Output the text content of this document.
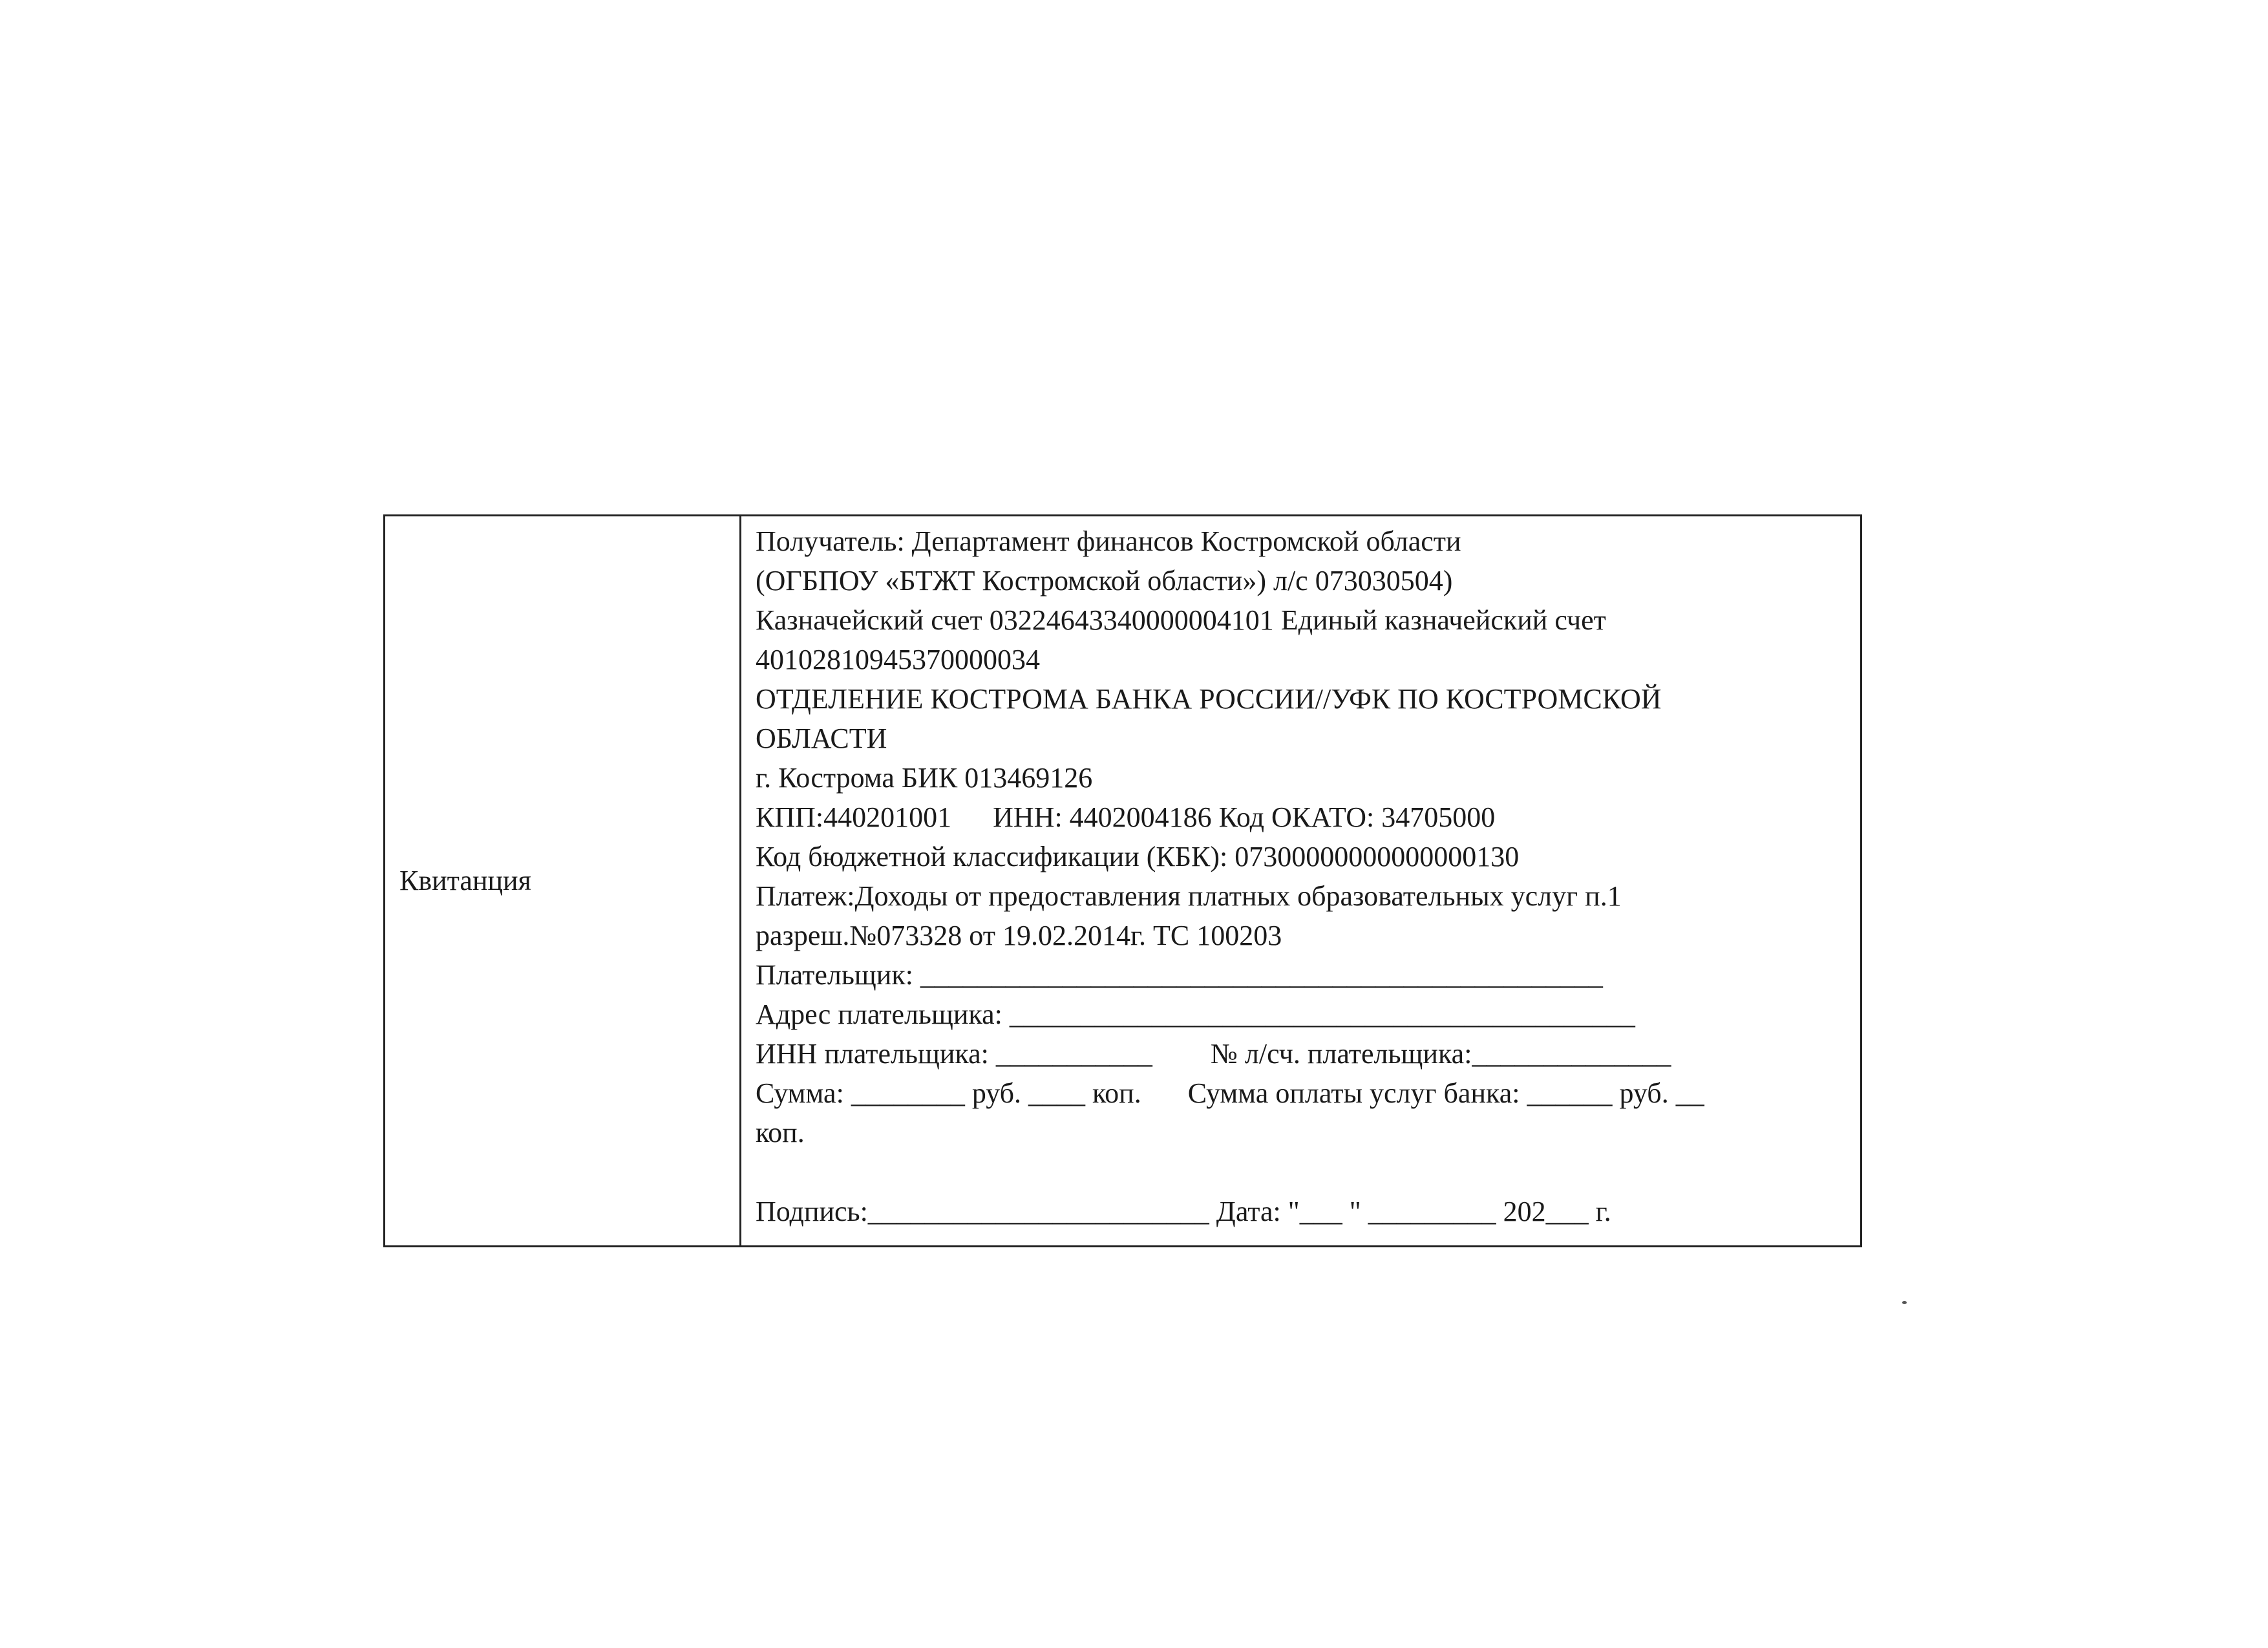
Квитанция
Получатель: Департамент финансов Костромской области
(ОГБПОУ «БТЖТ Костромской области») л/с 073030504)
Казначейский счет 03224643340000004101 Единый казначейский счет
40102810945370000034
ОТДЕЛЕНИЕ КОСТРОМА БАНКА РОССИИ//УФК ПО КОСТРОМСКОЙ
ОБЛАСТИ
г. Кострома БИК 013469126
КПП:440201001 ИНН: 4402004186 Код ОКАТО: 34705000
Код бюджетной классификации (КБК): 07300000000000000130
Платеж:Доходы от предоставления платных образовательных услуг п.1
разреш.№073328 от 19.02.2014г. ТС 100203
Плательщик: ________________________________________________
Адрес плательщика: ____________________________________________
ИНН плательщика: ___________ № л/сч. плательщика:______________
Сумма: ________ руб. ____ коп. Сумма оплаты услуг банка: ______ руб. __
коп.
Подпись:________________________ Дата: "___ " _________ 202___ г.
